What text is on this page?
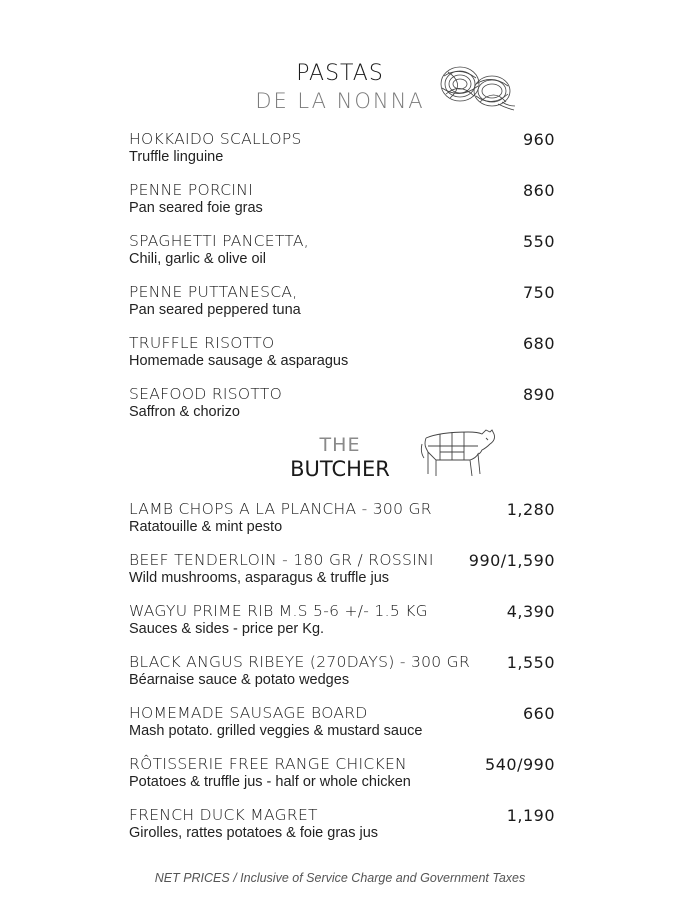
PASTAS
DE LA NONNA
HOKKAIDO SCALLOPS	960
Truffle linguine
PENNE PORCINI	860
Pan seared foie gras
SPAGHETTI PANCETTA,	550
Chili, garlic & olive oil
PENNE PUTTANESCA,	750
Pan seared peppered tuna
TRUFFLE RISOTTO	680
Homemade sausage & asparagus
SEAFOOD RISOTTO	890
Saffron & chorizo
THE
BUTCHER
LAMB CHOPS A LA PLANCHA - 300 GR	1,280
Ratatouille & mint pesto
BEEF TENDERLOIN - 180 GR / ROSSINI 990/1,590
Wild mushrooms, asparagus & truffle jus
WAGYU PRIME RIB M.S 5-6 +/- 1.5 KG	4,390
Sauces & sides - price per Kg.
BLACK ANGUS RIBEYE (270DAYS) - 300 GR 1,550
Béarnaise sauce & potato wedges
HOMEMADE SAUSAGE BOARD	660
Mash potato. grilled veggies & mustard sauce
RÔTISSERIE FREE RANGE CHICKEN	540/990
Potatoes & truffle jus - half or whole chicken
FRENCH DUCK MAGRET	1,190
Girolles, rattes potatoes & foie gras jus
NET PRICES / Inclusive of Service Charge and Government Taxes
